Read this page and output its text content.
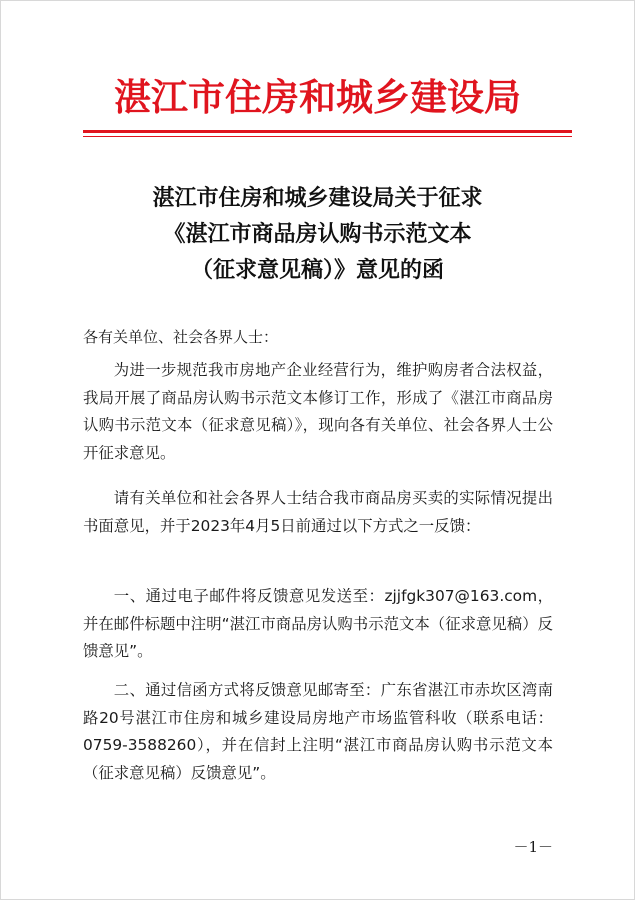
湛江市住房和城乡建设局
湛江市住房和城乡建设局关于征求
《湛江市商品房认购书示范文本
（征求意见稿）》意见的函
各有关单位、社会各界人士：
为进一步规范我市房地产企业经营行为，维护购房者合法权益，我局开展了商品房认购书示范文本修订工作，形成了《湛江市商品房认购书示范文本（征求意见稿）》，现向各有关单位、社会各界人士公开征求意见。
请有关单位和社会各界人士结合我市商品房买卖的实际情况提出书面意见，并于2023年4月5日前通过以下方式之一反馈：
一、通过电子邮件将反馈意见发送至：zjjfgk307@163.com，并在邮件标题中注明“湛江市商品房认购书示范文本（征求意见稿）反馈意见”。
二、通过信函方式将反馈意见邮寄至：广东省湛江市赤坎区湾南路20号湛江市住房和城乡建设局房地产市场监管科收（联系电话：0759-3588260），并在信封上注明“湛江市商品房认购书示范文本（征求意见稿）反馈意见”。
－1－
